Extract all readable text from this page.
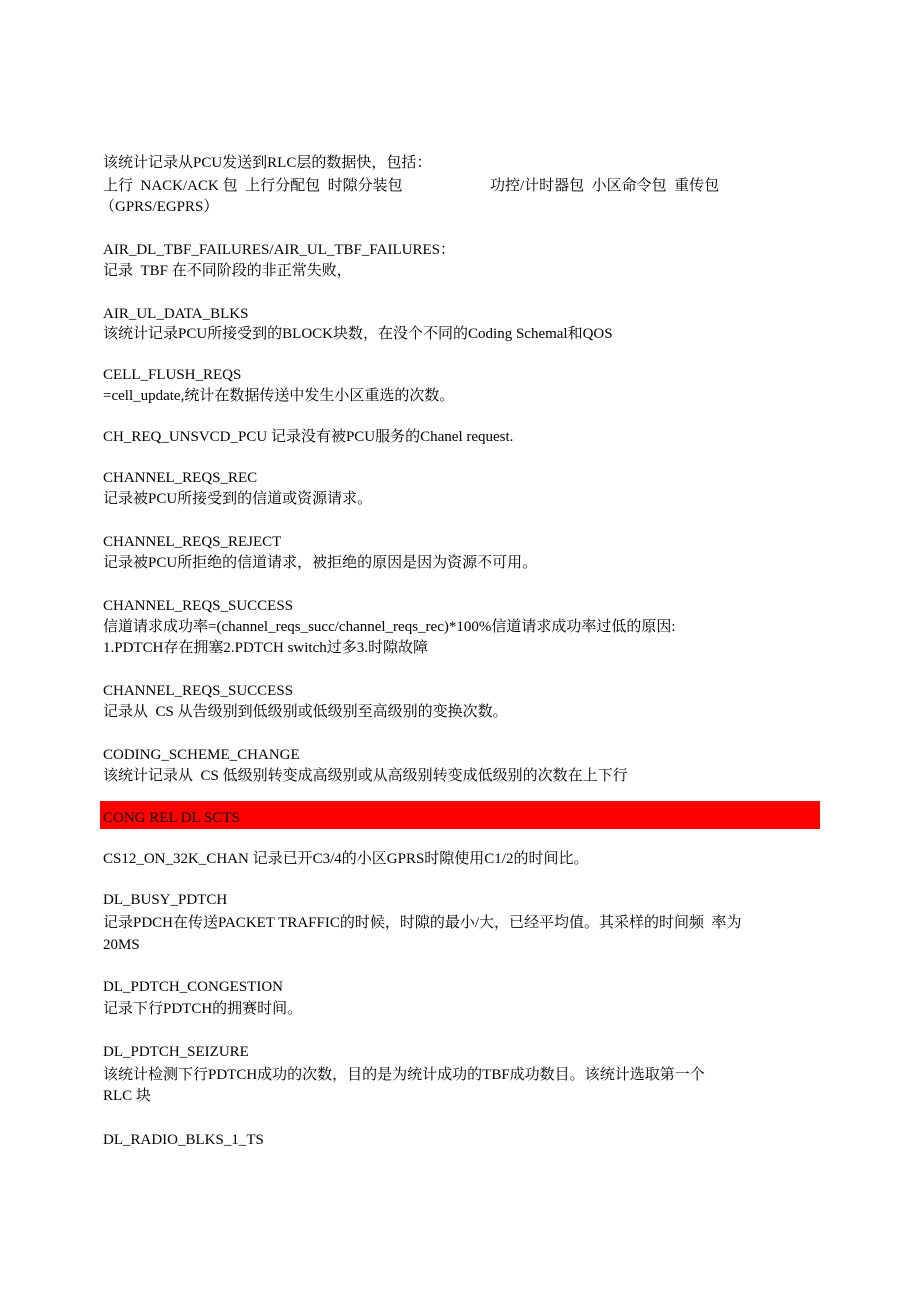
该统计记录从PCU发送到RLC层的数据快，包括：
上行  NACK/ACK 包  上行分配包  时隙分装包	功控/计时器包  小区命令包  重传包
（GPRS/EGPRS）
AIR_DL_TBF_FAILURES/AIR_UL_TBF_FAILURES：
记录  TBF 在不同阶段的非正常失败，
AIR_UL_DATA_BLKS
该统计记录PCU所接受到的BLOCK块数，在没个不同的Coding Schemal和QOS
CELL_FLUSH_REQS
=cell_update,统计在数据传送中发生小区重选的次数。
CH_REQ_UNSVCD_PCU 记录没有被PCU服务的Chanel request.
CHANNEL_REQS_REC
记录被PCU所接受到的信道或资源请求。
CHANNEL_REQS_REJECT
记录被PCU所拒绝的信道请求，被拒绝的原因是因为资源不可用。
CHANNEL_REQS_SUCCESS
信道请求成功率=(channel_reqs_succ/channel_reqs_rec)*100%信道请求成功率过低的原因:
1.PDTCH存在拥塞2.PDTCH switch过多3.时隙故障
CHANNEL_REQS_SUCCESS
记录从  CS 从告级别到低级别或低级别至高级别的变换次数。
CODING_SCHEME_CHANGE
该统计记录从  CS 低级别转变成高级别或从高级别转变成低级别的次数在上下行
CONG REL DL SCTS
CS12_ON_32K_CHAN 记录已开C3/4的小区GPRS时隙使用C1/2的时间比。
DL_BUSY_PDTCH
记录PDCH在传送PACKET TRAFFIC的时候，时隙的最小/大，已经平均值。其采样的时间频  率为
20MS
DL_PDTCH_CONGESTION
记录下行PDTCH的拥赛时间。
DL_PDTCH_SEIZURE
该统计检测下行PDTCH成功的次数，目的是为统计成功的TBF成功数目。该统计选取第一个
RLC 块
DL_RADIO_BLKS_1_TS
